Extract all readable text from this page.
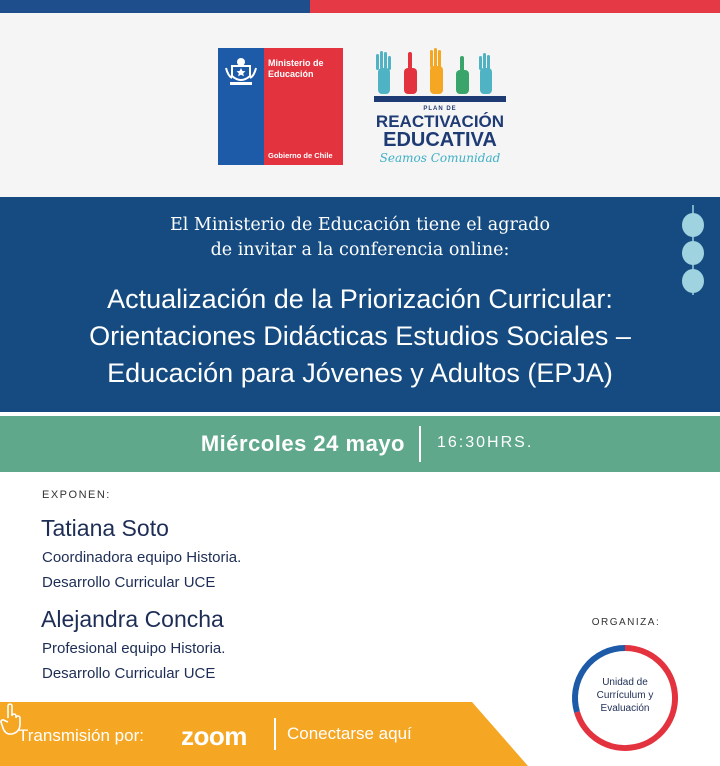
Ministerio de Educación
Gobierno de Chile
PLAN DE
REACTIVACIÓN
EDUCATIVA
Seamos Comunidad
El Ministerio de Educación tiene el agrado
de invitar a la conferencia online:
Actualización de la Priorización Curricular:
Orientaciones Didácticas Estudios Sociales –
Educación para Jóvenes y Adultos (EPJA)
Miércoles 24 mayo 16:30HRS.
EXPONEN:
Tatiana Soto
Coordinadora equipo Historia.
Desarrollo Curricular UCE
Alejandra Concha
Profesional equipo Historia.
Desarrollo Curricular UCE
ORGANIZA:
Unidad de
Currículum y
Evaluación
Transmisión por: zoom Conectarse aquí
